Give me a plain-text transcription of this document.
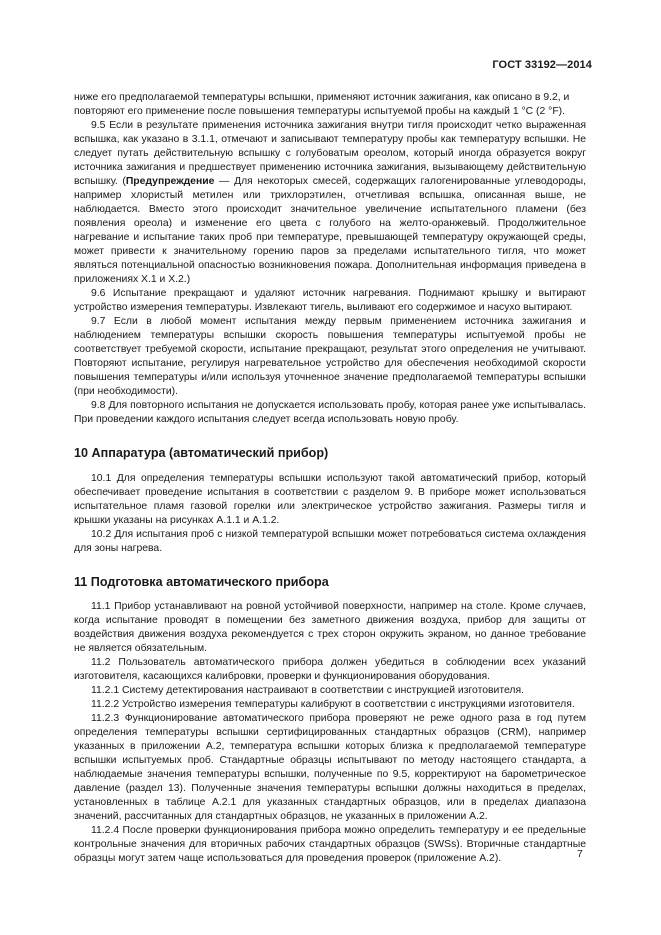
ГОСТ 33192—2014

ниже его предполагаемой температуры вспышки, применяют источник зажигания, как описано в 9.2, и повторяют его применение после повышения температуры испытуемой пробы на каждый 1 °С (2 °F).

9.5 Если в результате применения источника зажигания внутри тигля происходит четко выраженная вспышка, как указано в 3.1.1, отмечают и записывают температуру пробы как температуру вспышки. Не следует путать действительную вспышку с голубоватым ореолом, который иногда образуется вокруг источника зажигания и предшествует применению источника зажигания, вызывающему действительную вспышку. (Предупреждение — Для некоторых смесей, содержащих галогенированные углеводороды, например хлористый метилен или трихлорэтилен, отчетливая вспышка, описанная выше, не наблюдается. Вместо этого происходит значительное увеличение испытательного пламени (без появления ореола) и изменение его цвета с голубого на желто-оранжевый. Продолжительное нагревание и испытание таких проб при температуре, превышающей температуру окружающей среды, может привести к значительному горению паров за пределами испытательного тигля, что может являться потенциальной опасностью возникновения пожара. Дополнительная информация приведена в приложениях Х.1 и Х.2.)

9.6 Испытание прекращают и удаляют источник нагревания. Поднимают крышку и вытирают устройство измерения температуры. Извлекают тигель, выливают его содержимое и насухо вытирают.

9.7 Если в любой момент испытания между первым применением источника зажигания и наблюдением температуры вспышки скорость повышения температуры испытуемой пробы не соответствует требуемой скорости, испытание прекращают, результат этого определения не учитывают. Повторяют испытание, регулируя нагревательное устройство для обеспечения необходимой скорости повышения температуры и/или используя уточненное значение предполагаемой температуры вспышки (при необходимости).

9.8 Для повторного испытания не допускается использовать пробу, которая ранее уже испытывалась. При проведении каждого испытания следует всегда использовать новую пробу.

10 Аппаратура (автоматический прибор)

10.1 Для определения температуры вспышки используют такой автоматический прибор, который обеспечивает проведение испытания в соответствии с разделом 9. В приборе может использоваться испытательное пламя газовой горелки или электрическое устройство зажигания. Размеры тигля и крышки указаны на рисунках А.1.1 и А.1.2.

10.2 Для испытания проб с низкой температурой вспышки может потребоваться система охлаждения для зоны нагрева.

11 Подготовка автоматического прибора

11.1 Прибор устанавливают на ровной устойчивой поверхности, например на столе. Кроме случаев, когда испытание проводят в помещении без заметного движения воздуха, прибор для защиты от воздействия движения воздуха рекомендуется с трех сторон окружить экраном, но данное требование не является обязательным.

11.2 Пользователь автоматического прибора должен убедиться в соблюдении всех указаний изготовителя, касающихся калибровки, проверки и функционирования оборудования.

11.2.1 Систему детектирования настраивают в соответствии с инструкцией изготовителя.

11.2.2 Устройство измерения температуры калибруют в соответствии с инструкциями изготовителя.

11.2.3 Функционирование автоматического прибора проверяют не реже одного раза в год путем определения температуры вспышки сертифицированных стандартных образцов (CRM), например указанных в приложении А.2, температура вспышки которых близка к предполагаемой температуре вспышки испытуемых проб. Стандартные образцы испытывают по методу настоящего стандарта, а наблюдаемые значения температуры вспышки, полученные по 9.5, корректируют на барометрическое давление (раздел 13). Полученные значения температуры вспышки должны находиться в пределах, установленных в таблице А.2.1 для указанных стандартных образцов, или в пределах диапазона значений, рассчитанных для стандартных образцов, не указанных в приложении А.2.

11.2.4 После проверки функционирования прибора можно определить температуру и ее предельные контрольные значения для вторичных рабочих стандартных образцов (SWSs). Вторичные стандартные образцы могут затем чаще использоваться для проведения проверок (приложение А.2).	7
